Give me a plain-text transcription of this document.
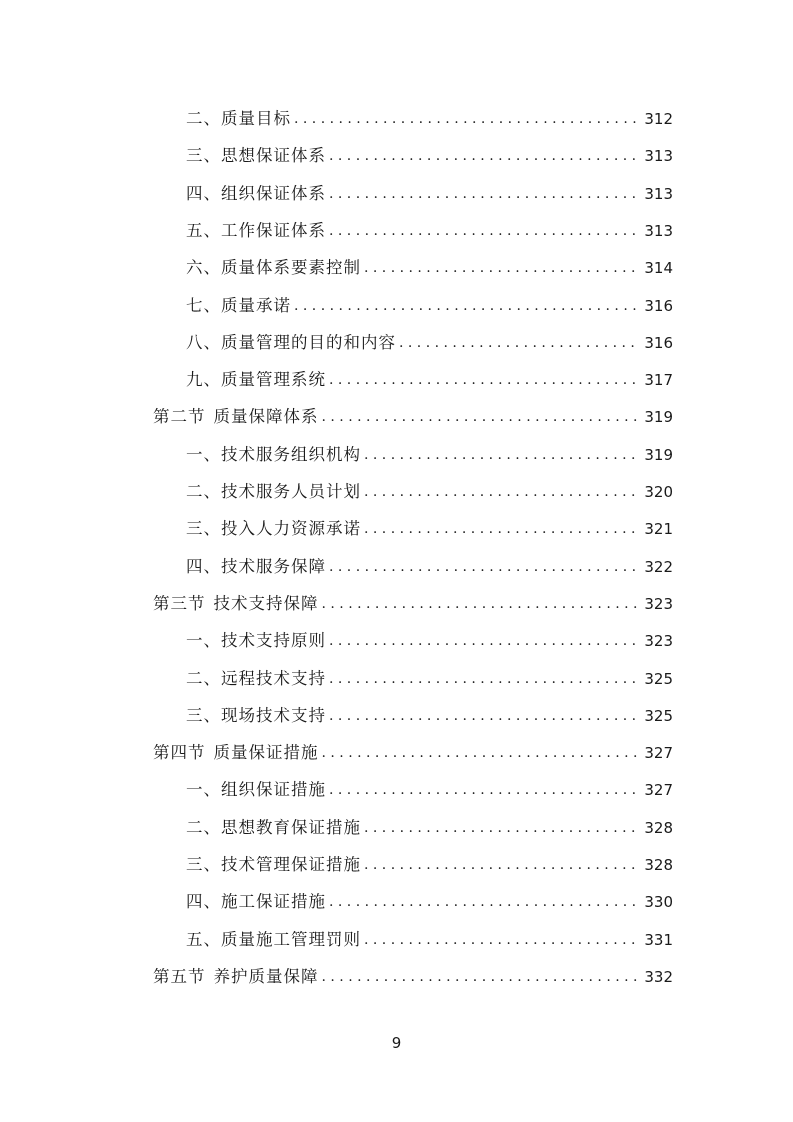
二、质量目标 . . .	312
三、思想保证体系 . . .	313
四、组织保证体系 . . .	313
五、工作保证体系 . . .	313
六、质量体系要素控制 . . .	314
七、质量承诺 . . .	316
八、质量管理的目的和内容 . . .	316
九、质量管理系统 . . .	317
第二节 质量保障体系 . . .	319
一、技术服务组织机构 . . .	319
二、技术服务人员计划 . . .	320
三、投入人力资源承诺 . . .	321
四、技术服务保障 . . .	322
第三节 技术支持保障 . . .	323
一、技术支持原则 . . .	323
二、远程技术支持 . . .	325
三、现场技术支持 . . .	325
第四节 质量保证措施 . . .	327
一、组织保证措施 . . .	327
二、思想教育保证措施 . . .	328
三、技术管理保证措施 . . .	328
四、施工保证措施 . . .	330
五、质量施工管理罚则 . . .	331
第五节 养护质量保障 . . .	332
9
